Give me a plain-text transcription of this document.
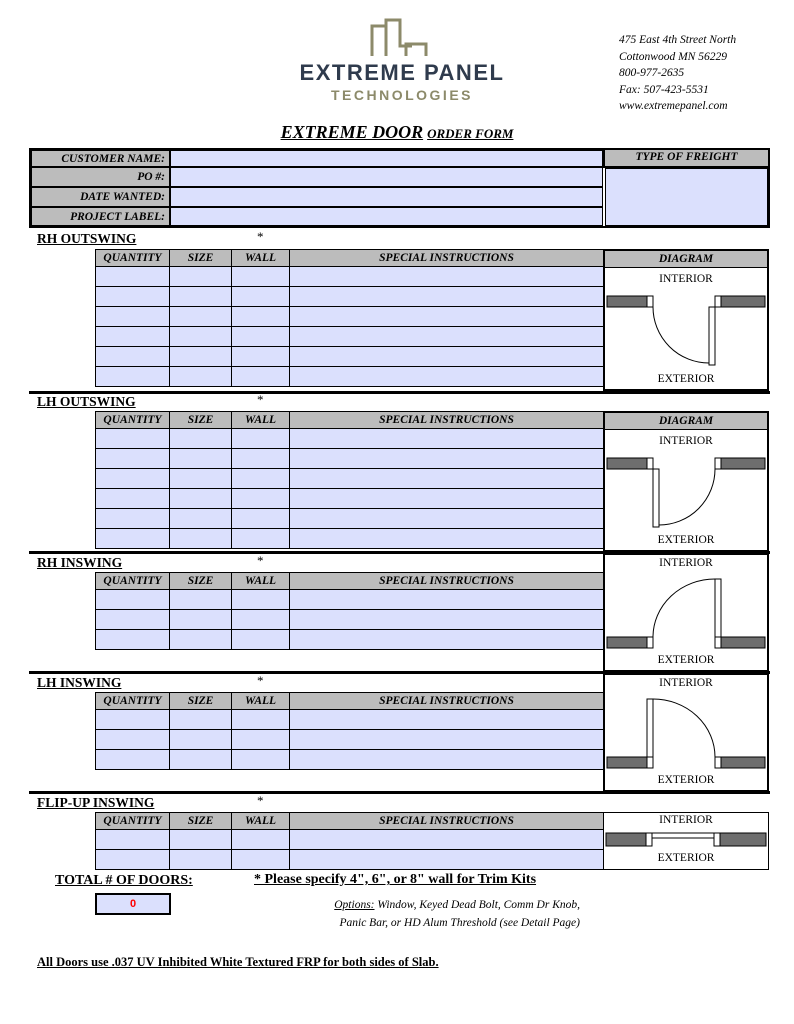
EXTREME PANEL
TECHNOLOGIES
475 East 4th Street North
Cottonwood MN 56229
800-977-2635
Fax: 507-423-5531
www.extremepanel.com
EXTREME DOOR ORDER FORM
CUSTOMER NAME:
PO #:
DATE WANTED:
PROJECT LABEL:
TYPE OF FREIGHT
RH OUTSWING	*
QUANTITY	SIZE	WALL	SPECIAL INSTRUCTIONS

				DIAGRAM
INTERIOR
EXTERIOR
LH OUTSWING	*
QUANTITY	SIZE	WALL	SPECIAL INSTRUCTIONS

				DIAGRAM
INTERIOR
EXTERIOR
RH INSWING	*
QUANTITY	SIZE	WALL	SPECIAL INSTRUCTIONS

INTERIOR
EXTERIOR
LH INSWING	*
QUANTITY	SIZE	WALL	SPECIAL INSTRUCTIONS

INTERIOR
EXTERIOR
FLIP-UP INSWING	*
QUANTITY	SIZE	WALL	SPECIAL INSTRUCTIONS

				INTERIOR
EXTERIOR
TOTAL # OF DOORS:
0
* Please specify 4", 6", or 8" wall for Trim Kits
Options: Window, Keyed Dead Bolt, Comm Dr Knob,
Panic Bar, or HD Alum Threshold (see Detail Page)
All Doors use .037 UV Inhibited White Textured FRP for both sides of Slab.
